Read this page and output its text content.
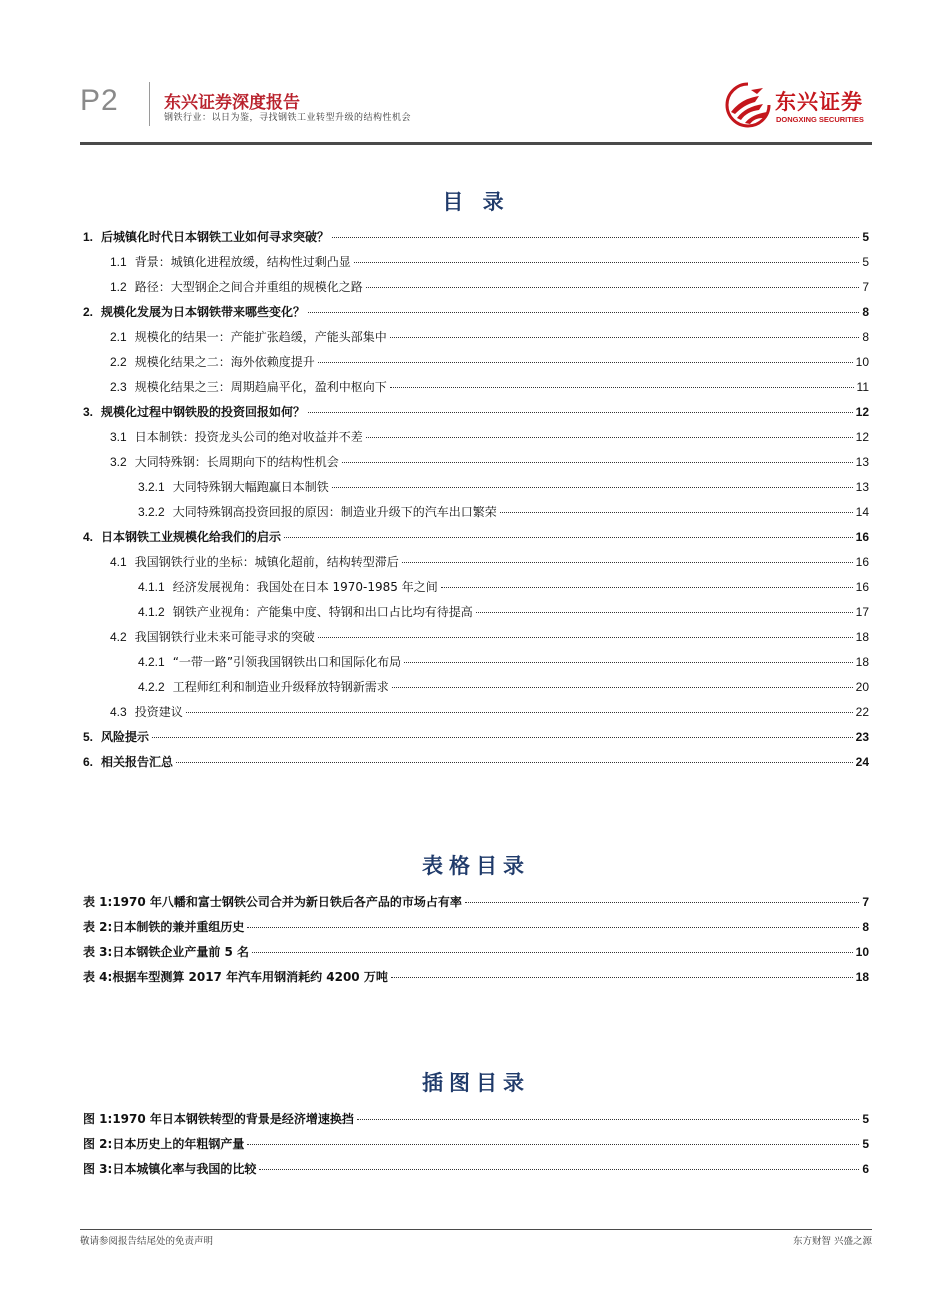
P2	东兴证券深度报告
钢铁行业：以日为鉴，寻找钢铁工业转型升级的结构性机会
东兴证券
DONGXING SECURITIES
目 录
1. 后城镇化时代日本钢铁工业如何寻求突破？	5
1.1 背景：城镇化进程放缓，结构性过剩凸显	5
1.2 路径：大型钢企之间合并重组的规模化之路	7
2. 规模化发展为日本钢铁带来哪些变化？	8
2.1 规模化的结果一：产能扩张趋缓，产能头部集中	8
2.2 规模化结果之二：海外依赖度提升	10
2.3 规模化结果之三：周期趋扁平化，盈利中枢向下	11
3. 规模化过程中钢铁股的投资回报如何？	12
3.1 日本制铁：投资龙头公司的绝对收益并不差	12
3.2 大同特殊钢：长周期向下的结构性机会	13
3.2.1 大同特殊钢大幅跑赢日本制铁	13
3.2.2 大同特殊钢高投资回报的原因：制造业升级下的汽车出口繁荣	14
4. 日本钢铁工业规模化给我们的启示	16
4.1 我国钢铁行业的坐标：城镇化超前，结构转型滞后	16
4.1.1 经济发展视角：我国处在日本 1970-1985 年之间	16
4.1.2 钢铁产业视角：产能集中度、特钢和出口占比均有待提高	17
4.2 我国钢铁行业未来可能寻求的突破	18
4.2.1 “一带一路”引领我国钢铁出口和国际化布局	18
4.2.2 工程师红利和制造业升级释放特钢新需求	20
4.3 投资建议	22
5. 风险提示	23
6. 相关报告汇总	24
表格目录
表 1:1970 年八幡和富士钢铁公司合并为新日铁后各产品的市场占有率	7
表 2:日本制铁的兼并重组历史	8
表 3:日本钢铁企业产量前 5 名	10
表 4:根据车型测算 2017 年汽车用钢消耗约 4200 万吨	18
插图目录
图 1:1970 年日本钢铁转型的背景是经济增速换挡	5
图 2:日本历史上的年粗钢产量	5
图 3:日本城镇化率与我国的比较	6
敬请参阅报告结尾处的免责声明	东方财智 兴盛之源
